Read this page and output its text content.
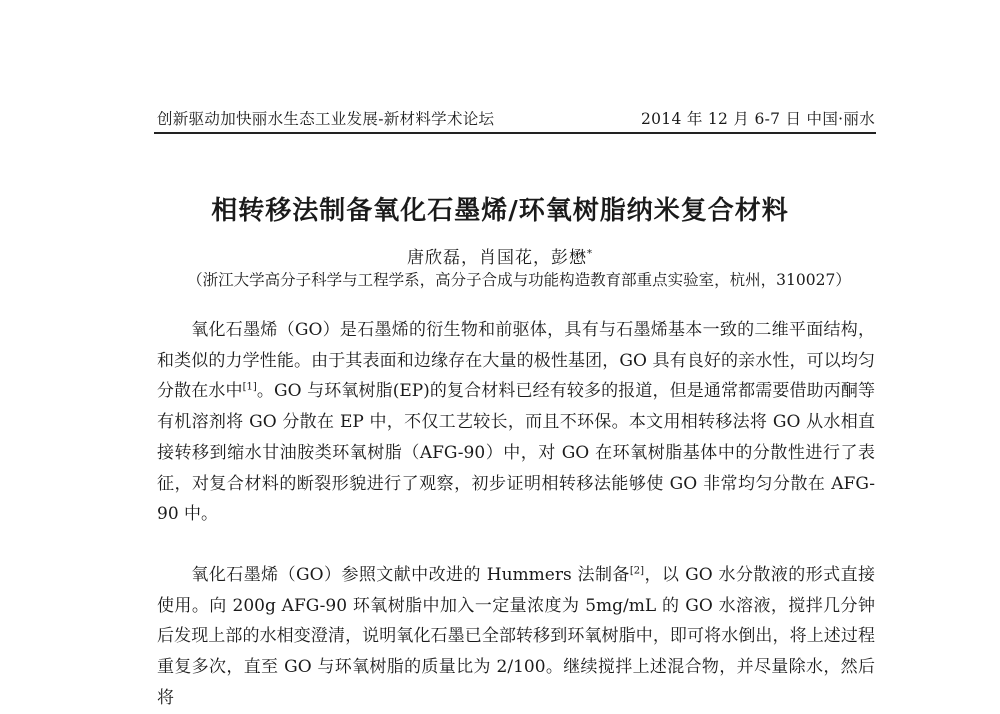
创新驱动加快丽水生态工业发展-新材料学术论坛	2014 年 12 月 6-7 日 中国·丽水
相转移法制备氧化石墨烯/环氧树脂纳米复合材料
唐欣磊，肖国花，彭懋*
（浙江大学高分子科学与工程学系，高分子合成与功能构造教育部重点实验室，杭州，310027）

氧化石墨烯（GO）是石墨烯的衍生物和前驱体，具有与石墨烯基本一致的二维平面结构，和类似的力学性能。由于其表面和边缘存在大量的极性基团，GO 具有良好的亲水性，可以均匀分散在水中[1]。GO 与环氧树脂(EP)的复合材料已经有较多的报道，但是通常都需要借助丙酮等有机溶剂将 GO 分散在 EP 中，不仅工艺较长，而且不环保。本文用相转移法将 GO 从水相直接转移到缩水甘油胺类环氧树脂（AFG-90）中，对 GO 在环氧树脂基体中的分散性进行了表征，对复合材料的断裂形貌进行了观察，初步证明相转移法能够使 GO 非常均匀分散在 AFG-90 中。

氧化石墨烯（GO）参照文献中改进的 Hummers 法制备[2]，以 GO 水分散液的形式直接使用。向 200g AFG-90 环氧树脂中加入一定量浓度为 5mg/mL 的 GO 水溶液，搅拌几分钟后发现上部的水相变澄清，说明氧化石墨已全部转移到环氧树脂中，即可将水倒出，将上述过程重复多次，直至 GO 与环氧树脂的质量比为 2/100。继续搅拌上述混合物，并尽量除水，然后将
